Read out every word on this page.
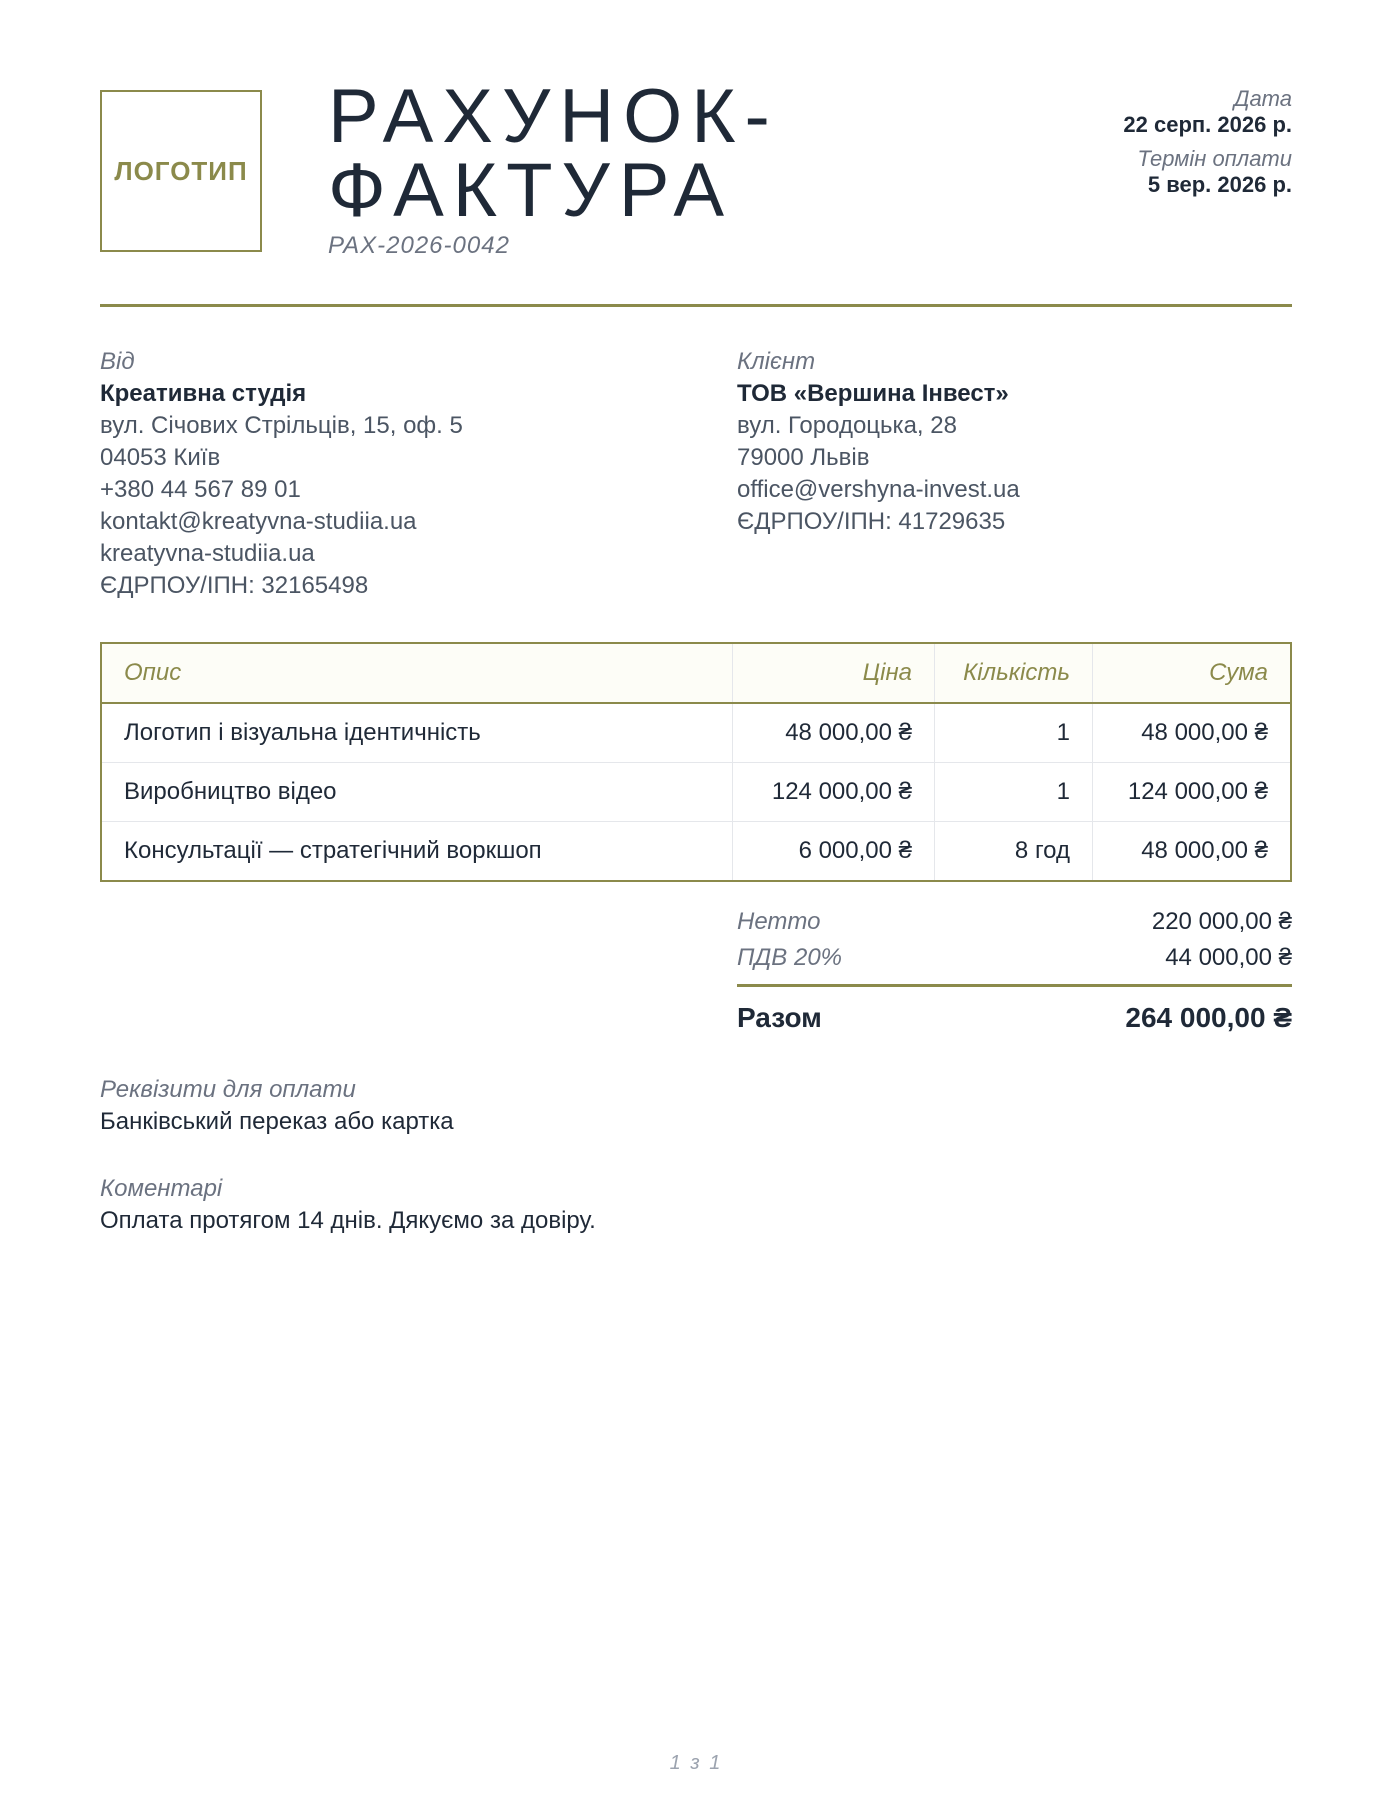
ЛОГОТИП
РАХУНОК-
ФАКТУРА
РАХ-2026-0042
Дата
22 серп. 2026 р.
Термін оплати
5 вер. 2026 р.
Від
Креативна студія
вул. Січових Стрільців, 15, оф. 5
04053 Київ
+380 44 567 89 01
kontakt@kreatyvna-studiia.ua
kreatyvna-studiia.ua
ЄДРПОУ/ІПН: 32165498
Клієнт
ТОВ «Вершина Інвест»
вул. Городоцька, 28
79000 Львів
office@vershyna-invest.ua
ЄДРПОУ/ІПН: 41729635
Опис	Ціна	Кількість	Сума
Логотип і візуальна ідентичність	48 000,00 ₴	1	48 000,00 ₴
Виробництво відео	124 000,00 ₴	1	124 000,00 ₴
Консультації — стратегічний воркшоп	6 000,00 ₴	8 год	48 000,00 ₴
Нетто	220 000,00 ₴
ПДВ 20%	44 000,00 ₴
Разом	264 000,00 ₴
Реквізити для оплати
Банківський переказ або картка
Коментарі
Оплата протягом 14 днів. Дякуємо за довіру.
1 з 1
